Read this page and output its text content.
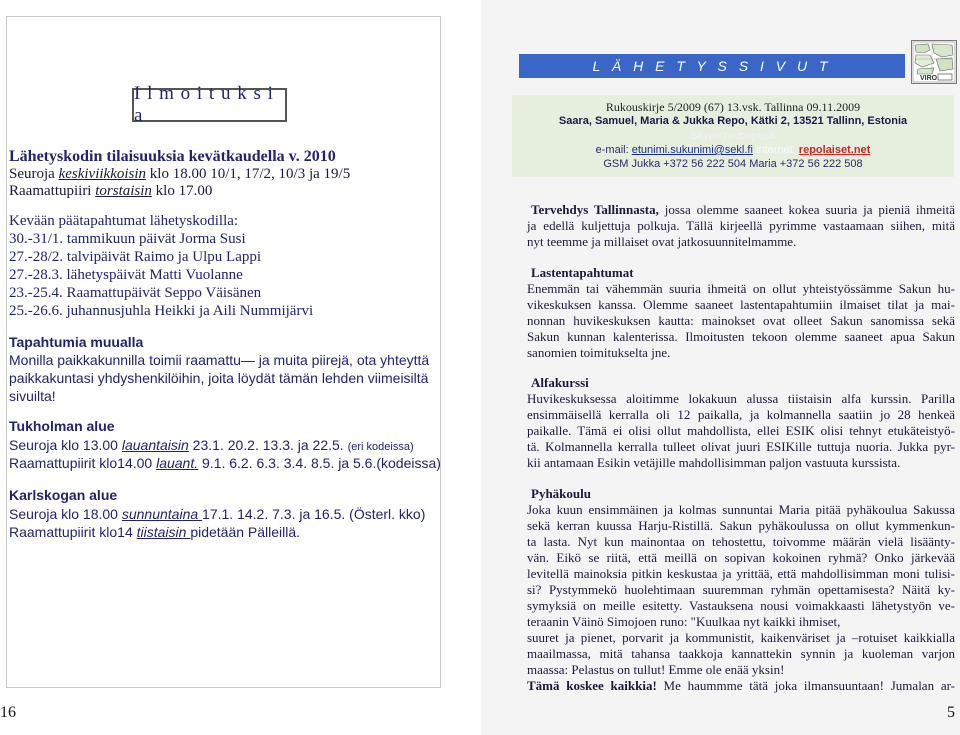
I l m o i t u k s i a
Lähetyskodin tilaisuuksia kevätkaudella v. 2010
Seuroja keskiviikkoisin klo 18.00 10/1, 17/2, 10/3 ja 19/5
Raamattupiiri torstaisin klo 17.00
Kevään päätapahtumat lähetyskodilla:
30.-31/1. tammikuun päivät Jorma Susi
27.-28/2. talvipäivät Raimo ja Ulpu Lappi
27.-28.3. lähetyspäivät Matti Vuolanne
23.-25.4. Raamattupäivät Seppo Väisänen
25.-26.6. juhannusjuhla Heikki ja Aili Nummijärvi
Tapahtumia muualla
Monilla paikkakunnilla toimii raamattu— ja muita piirejä, ota yhteyttä
paikkakuntasi yhdyshenkilöihin, joita löydät tämän lehden viimeisiltä
sivuilta!
Tukholman alue
Seuroja klo 13.00 lauantaisin 23.1. 20.2. 13.3. ja 22.5. (eri kodeissa)
Raamattupiirit klo14.00 lauant. 9.1. 6.2. 6.3. 3.4. 8.5. ja 5.6.(kodeissa)
Karlskogan alue
Seuroja klo 18.00 sunnuntaina 17.1. 14.2. 7.3. ja 16.5. (Österl. kko)
Raamattupiirit klo14 tiistaisin pidetään Pälleillä.
16
L Ä H E T Y S S I V U T
VIRO
Rukouskirje 5/2009 (67) 13.vsk. Tallinna 09.11.2009
Saara, Samuel, Maria & Jukka Repo, Kätki 2, 13521 Tallinn, Estonia
Skype:revonpesa
e-mail: etunimi.sukunimi@sekl.fi internet: repolaiset.net
GSM Jukka +372 56 222 504 Maria +372 56 222 508
Tervehdys Tallinnasta, jossa olemme saaneet kokea suuria ja pieniä ihmeitä
ja edellä kuljettuja polkuja. Tällä kirjeellä pyrimme vastaamaan siihen, mitä
nyt teemme ja millaiset ovat jatkosuunnitelmamme.
Lastentapahtumat
Enemmän tai vähemmän suuria ihmeitä on ollut yhteistyössämme Sakun hu-
vikeskuksen kanssa. Olemme saaneet lastentapahtumiin ilmaiset tilat ja mai-
nonnan huvikeskuksen kautta: mainokset ovat olleet Sakun sanomissa sekä
Sakun kunnan kalenterissa. Ilmoitusten tekoon olemme saaneet apua Sakun
sanomien toimitukselta jne.
Alfakurssi
Huvikeskuksessa aloitimme lokakuun alussa tiistaisin alfa kurssin. Parilla
ensimmäisellä kerralla oli 12 paikalla, ja kolmannella saatiin jo 28 henkeä
paikalle. Tämä ei olisi ollut mahdollista, ellei ESIK olisi tehnyt etukäteistyö-
tä. Kolmannella kerralla tulleet olivat juuri ESIKille tuttuja nuoria. Jukka pyr-
kii antamaan Esikin vetäjille mahdollisimman paljon vastuuta kurssista.
Pyhäkoulu
Joka kuun ensimmäinen ja kolmas sunnuntai Maria pitää pyhäkoulua Sakussa
sekä kerran kuussa Harju-Ristillä. Sakun pyhäkoulussa on ollut kymmenkun-
ta lasta. Nyt kun mainontaa on tehostettu, toivomme määrän vielä lisäänty-
vän. Eikö se riitä, että meillä on sopivan kokoinen ryhmä? Onko järkevää
levitellä mainoksia pitkin keskustaa ja yrittää, että mahdollisimman moni tulisi-
si? Pystymmekö huolehtimaan suuremman ryhmän opettamisesta? Näitä ky-
symyksiä on meille esitetty. Vastauksena nousi voimakkaasti lähetystyön ve-
teraanin Väinö Simojoen runo: "Kuulkaa nyt kaikki ihmiset,
suuret ja pienet, porvarit ja kommunistit, kaikenväriset ja –rotuiset kaikkialla
maailmassa, mitä tahansa taakkoja kannattekin synnin ja kuoleman varjon
maassa: Pelastus on tullut! Emme ole enää yksin!
Tämä koskee kaikkia! Me haummme tätä joka ilmansuuntaan! Jumalan ar-
5
